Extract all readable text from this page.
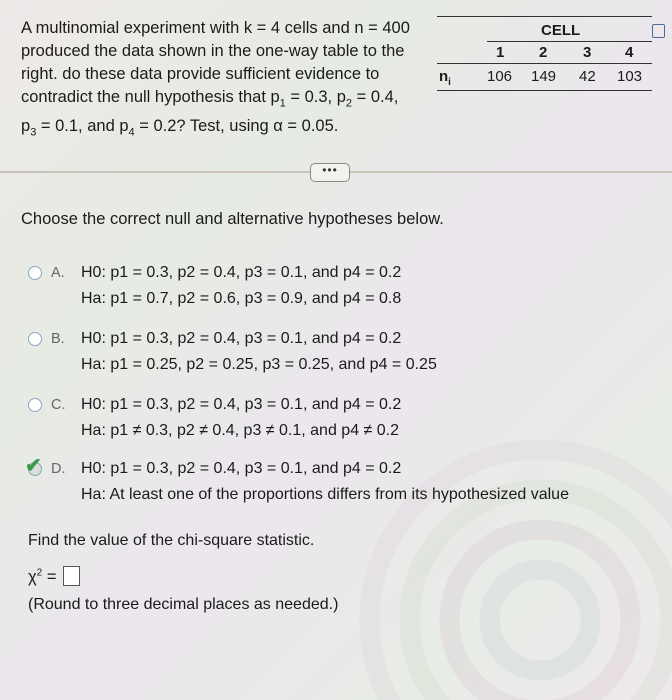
A multinomial experiment with k = 4 cells and n = 400 produced the data shown in the one-way table to the right. do these data provide sufficient evidence to contradict the null hypothesis that $p_1 = 0.3$, $p_2 = 0.4$,
$p_3 = 0.1$, and $p_4 = 0.2$? Test, using α = 0.05.
CELL
1 2 3 4
$n_i$ 106 149 42 103
•••
Choose the correct null and alternative hypotheses below.
A. H0: p1 = 0.3, p2 = 0.4, p3 = 0.1, and p4 = 0.2
Ha: p1 = 0.7, p2 = 0.6, p3 = 0.9, and p4 = 0.8
B. H0: p1 = 0.3, p2 = 0.4, p3 = 0.1, and p4 = 0.2
Ha: p1 = 0.25, p2 = 0.25, p3 = 0.25, and p4 = 0.25
C. H0: p1 = 0.3, p2 = 0.4, p3 = 0.1, and p4 = 0.2
Ha: p1 ≠ 0.3, p2 ≠ 0.4, p3 ≠ 0.1, and p4 ≠ 0.2
✔ D. H0: p1 = 0.3, p2 = 0.4, p3 = 0.1, and p4 = 0.2
Ha: At least one of the proportions differs from its hypothesized value
Find the value of the chi-square statistic.
$\chi^2$ =
(Round to three decimal places as needed.)
